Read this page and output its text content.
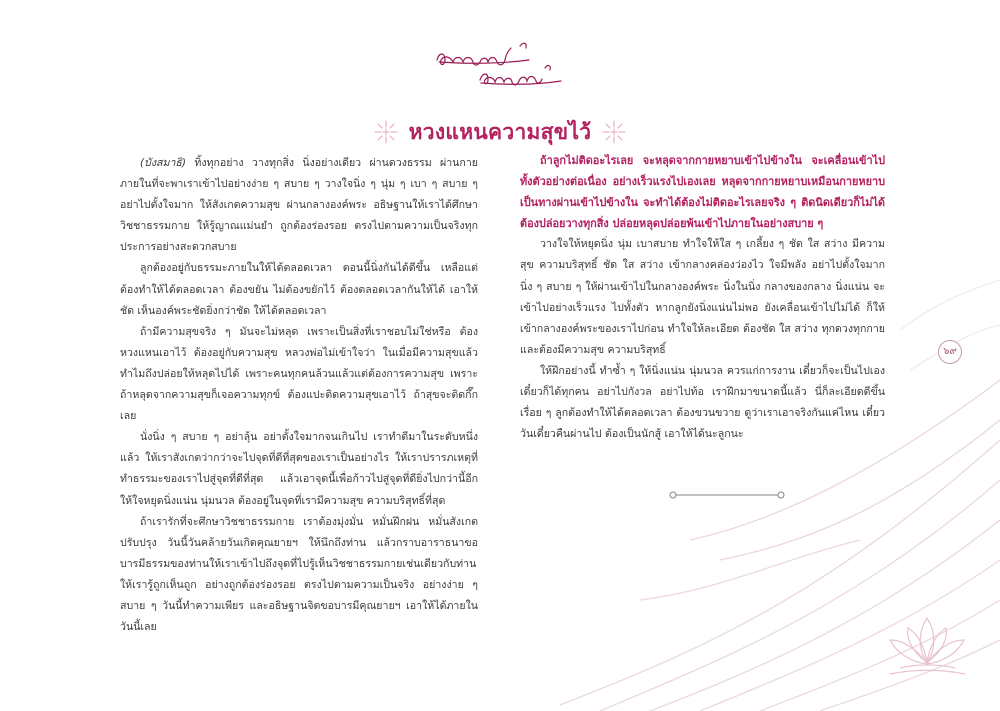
หวงแหนความสุขไว้

(บังสมาธิ) ทิ้งทุกอย่าง วางทุกสิ่ง นิ่งอย่างเดียว ผ่านดวงธรรม ผ่านกายภายในที่จะพาเราเข้าไปอย่างง่าย ๆ สบาย ๆ วางใจนิ่ง ๆ นุ่ม ๆ เบา ๆ สบาย ๆ อย่าไปตั้งใจมาก ให้สังเกตความสุข ผ่านกลางองค์พระ อธิษฐานให้เราได้ศึกษาวิชชาธรรมกาย ให้รู้ญาณแม่นยำ ถูกต้องร่องรอย ตรงไปตามความเป็นจริงทุกประการอย่างสะดวกสบาย

ลูกต้องอยู่กับธรรมะภายในให้ได้ตลอดเวลา ตอนนี้นิ่งกันได้ดีขึ้น เหลือแต่ต้องทำให้ได้ตลอดเวลา ต้องขยัน ไม่ต้องขยักไว้ ต้องตลอดเวลากันให้ได้ เอาให้ชัด เห็นองค์พระชัดยิ่งกว่าชัด ให้ได้ตลอดเวลา

ถ้ามีความสุขจริง ๆ มันจะไม่หลุด เพราะเป็นสิ่งที่เราชอบไม่ใช่หรือ ต้องหวงแหนเอาไว้ ต้องอยู่กับความสุข หลวงพ่อไม่เข้าใจว่า ในเมื่อมีความสุขแล้ว ทำไมถึงปล่อยให้หลุดไปได้ เพราะคนทุกคนล้วนแล้วแต่ต้องการความสุข เพราะถ้าหลุดจากความสุขก็เจอความทุกข์ ต้องแปะติดความสุขเอาไว้ ถ้าสุขจะติดกึ๊กเลย

นั่งนิ่ง ๆ สบาย ๆ อย่าลุ้น อย่าตั้งใจมากจนเกินไป เราทำดีมาในระดับหนึ่งแล้ว ให้เราสังเกตว่ากว่าจะไปจุดที่ดีที่สุดของเราเป็นอย่างไร ให้เราปรารภเหตุที่ทำธรรมะของเราไปสู่จุดที่ดีที่สุด แล้วเอาจุดนี้เพื่อก้าวไปสู่จุดที่ดียิ่งไปกว่านี้อีก ให้ใจหยุดนิ่งแน่น นุ่มนวล ต้องอยู่ในจุดที่เรามีความสุข ความบริสุทธิ์ที่สุด

ถ้าเรารักที่จะศึกษาวิชชาธรรมกาย เราต้องมุ่งมั่น หมั่นฝึกฝน หมั่นสังเกต ปรับปรุง วันนี้วันคล้ายวันเกิดคุณยายฯ ให้นึกถึงท่าน แล้วกราบอาราธนาขอบารมีธรรมของท่านให้เราเข้าไปถึงจุดที่ไปรู้เห็นวิชชาธรรมกายเช่นเดียวกับท่าน ให้เรารู้ถูกเห็นถูก อย่างถูกต้องร่องรอย ตรงไปตามความเป็นจริง อย่างง่าย ๆ สบาย ๆ วันนี้ทำความเพียร และอธิษฐานจิตขอบารมีคุณยายฯ เอาให้ได้ภายในวันนี้เลย

ถ้าลูกไม่ติดอะไรเลย จะหลุดจากกายหยาบเข้าไปข้างใน จะเคลื่อนเข้าไปทั้งตัวอย่างต่อเนื่อง อย่างเร็วแรงไปเองเลย หลุดจากกายหยาบเหมือนกายหยาบเป็นทางผ่านเข้าไปข้างใน จะทำได้ต้องไม่ติดอะไรเลยจริง ๆ ติดนิดเดียวก็ไม่ได้ ต้องปล่อยวางทุกสิ่ง ปล่อยหลุดปล่อยพ้นเข้าไปภายในอย่างสบาย ๆ

วางใจให้หยุดนิ่ง นุ่ม เบาสบาย ทำใจให้ใส ๆ เกลี้ยง ๆ ชัด ใส สว่าง มีความสุข ความบริสุทธิ์ ชัด ใส สว่าง เข้ากลางคล่องว่องไว ใจมีพลัง อย่าไปตั้งใจมาก นิ่ง ๆ สบาย ๆ ให้ผ่านเข้าไปในกลางองค์พระ นิ่งในนิ่ง กลางของกลาง นิ่งแน่น จะเข้าไปอย่างเร็วแรง ไปทั้งตัว หากลูกยังนิ่งแน่นไม่พอ ยังเคลื่อนเข้าไปไม่ได้ ก็ให้เข้ากลางองค์พระของเราไปก่อน ทำใจให้ละเอียด ต้องชัด ใส สว่าง ทุกดวงทุกกาย และต้องมีความสุข ความบริสุทธิ์

ให้ฝึกอย่างนี้ ทำซ้ำ ๆ ให้นิ่งแน่น นุ่มนวล ควรแก่การงาน เดี๋ยวก็จะเป็นไปเอง เดี๋ยวก็ได้ทุกคน อย่าไปกังวล อย่าไปท้อ เราฝึกมาขนาดนี้แล้ว นี่ก็ละเอียดดีขึ้นเรื่อย ๆ ลูกต้องทำให้ได้ตลอดเวลา ต้องขวนขวาย ดูว่าเราเอาจริงกันแค่ไหน เดี๋ยววันเดี๋ยวคืนผ่านไป ต้องเป็นนักสู้ เอาให้ได้นะลูกนะ

๖๙
